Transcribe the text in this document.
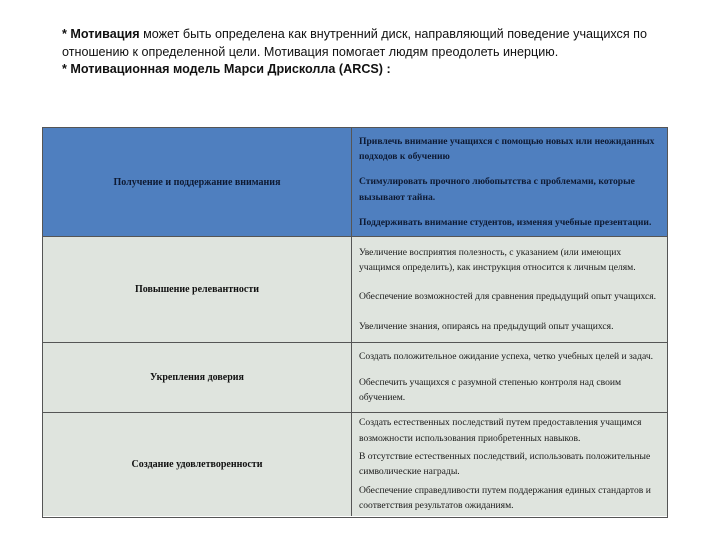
* Мотивация может быть определена как внутренний диск, направляющий поведение учащихся по отношению к определенной цели. Мотивация помогает людям преодолеть инерцию.

* Мотивационная модель Марси Дрисколла (ARCS) :

Получение и поддержание внимания
Привлечь внимание учащихся с помощью новых или неожиданных подходов к обучению
Стимулировать прочного любопытства с проблемами, которые вызывают тайна.
Поддерживать внимание студентов, изменяя учебные презентации.
Повышение релевантности
Увеличение восприятия полезность, с указанием (или имеющих учащимся определить), как инструкция относится к личным целям.
Обеспечение возможностей для сравнения предыдущий опыт учащихся.
Увеличение знания, опираясь на предыдущий опыт учащихся.
Укрепления доверия
Создать положительное ожидание успеха, четко учебных целей и задач.
Обеспечить учащихся с разумной степенью контроля над своим обучением.
Создание удовлетворенности
Создать естественных последствий путем предоставления учащимся возможности использования приобретенных навыков.
В отсутствие естественных последствий, использовать положительные символические награды.
Обеспечение справедливости путем поддержания единых стандартов и соответствия результатов ожиданиям.
